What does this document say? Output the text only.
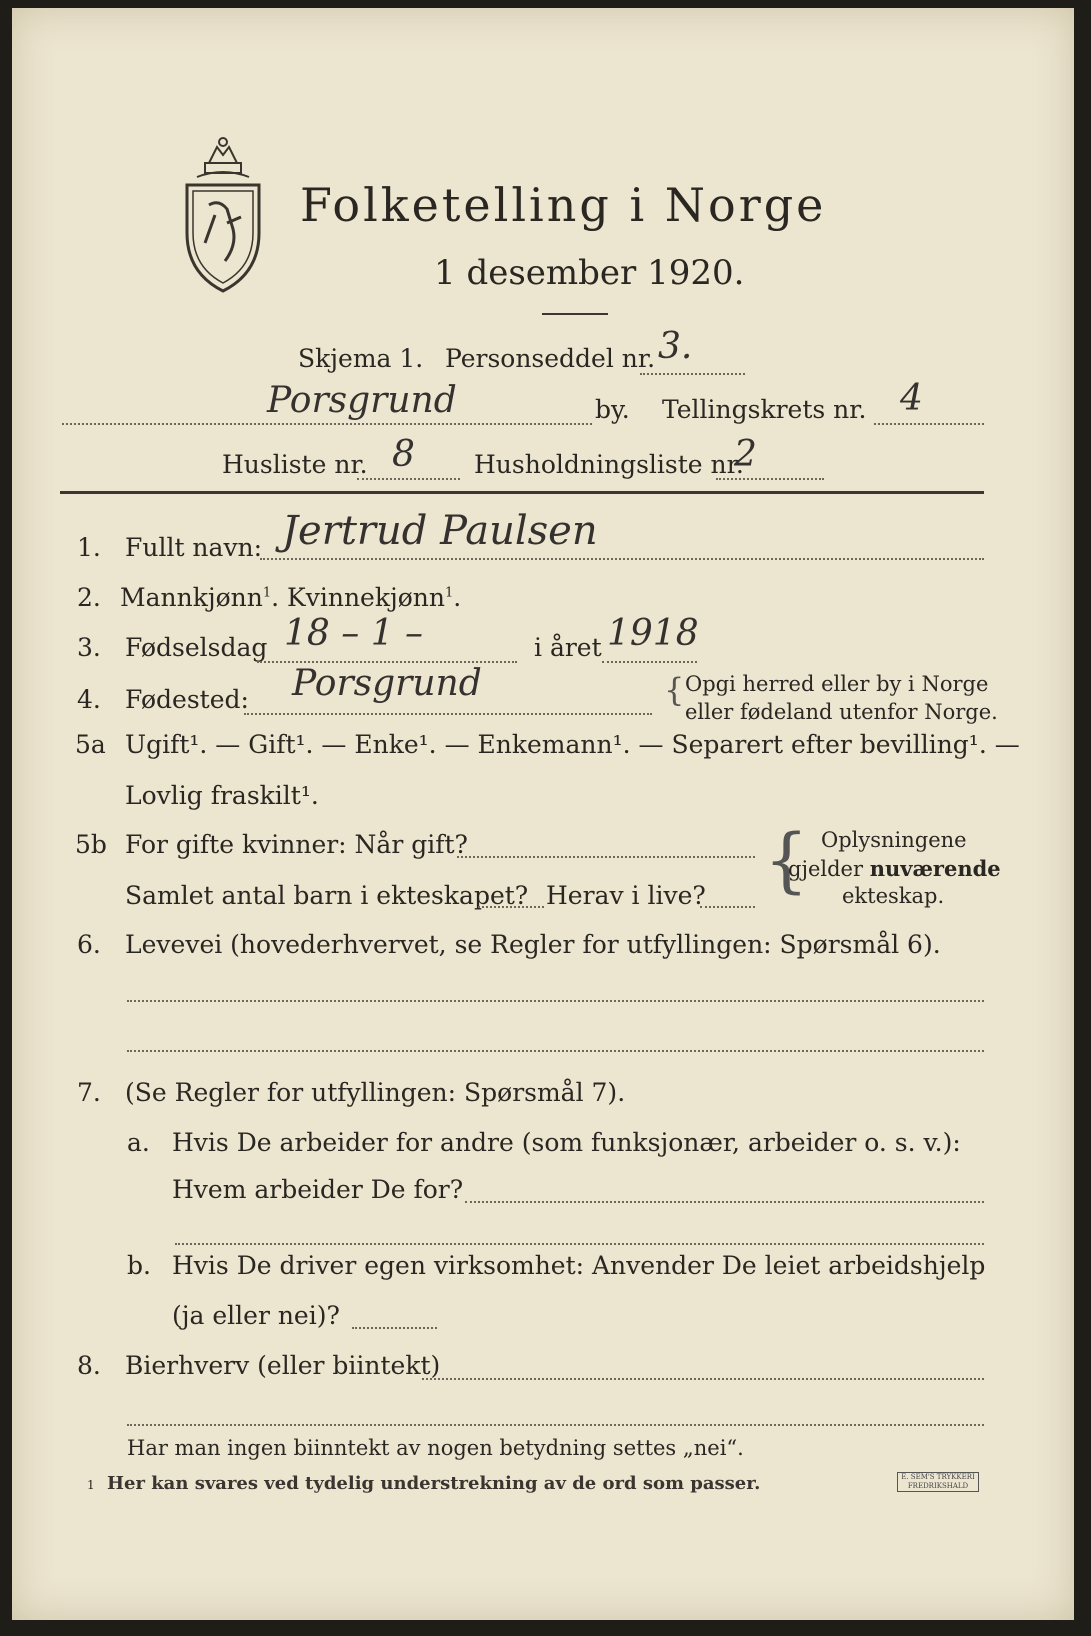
Folketelling i Norge
1 desember 1920.
Skjema 1. Personseddel nr. 3.
Porsgrund	by. Tellingskrets nr. 4
Husliste nr. 8 Husholdningsliste nr.
2
1. Fullt navn: Jertrud Paulsen
2. Mannkjønn$^1$. Kvinnekjønn$^1$.
3. Fødselsdag 18 – 1 –	i året 1918
4. Fødested: Porsgrund	{ Opgi herred eller by i Norge
eller fødeland utenfor Norge.
5a Ugift¹. — Gift¹. — Enke¹. — Enkemann¹. — Separert efter bevilling¹. —
Lovlig fraskilt¹.
5b For gifte kvinner: Når gift?
Samlet antal barn i ekteskapet? Herav i live? { Oplysningene
gjelder nuværende
ekteskap.
6. Levevei (hovederhvervet, se Regler for utfyllingen: Spørsmål 6).
7. (Se Regler for utfyllingen: Spørsmål 7).
a. Hvis De arbeider for andre (som funksjonær, arbeider o. s. v.):
Hvem arbeider De for?
b. Hvis De driver egen virksomhet: Anvender De leiet arbeidshjelp
(ja eller nei)?
8. Bierhverv (eller biintekt)
Har man ingen biinntekt av nogen betydning settes „nei“.
1 Her kan svares ved tydelig understrekning av de ord som passer.	E. SEM'S TRYKKERI
FREDRIKSHALD
